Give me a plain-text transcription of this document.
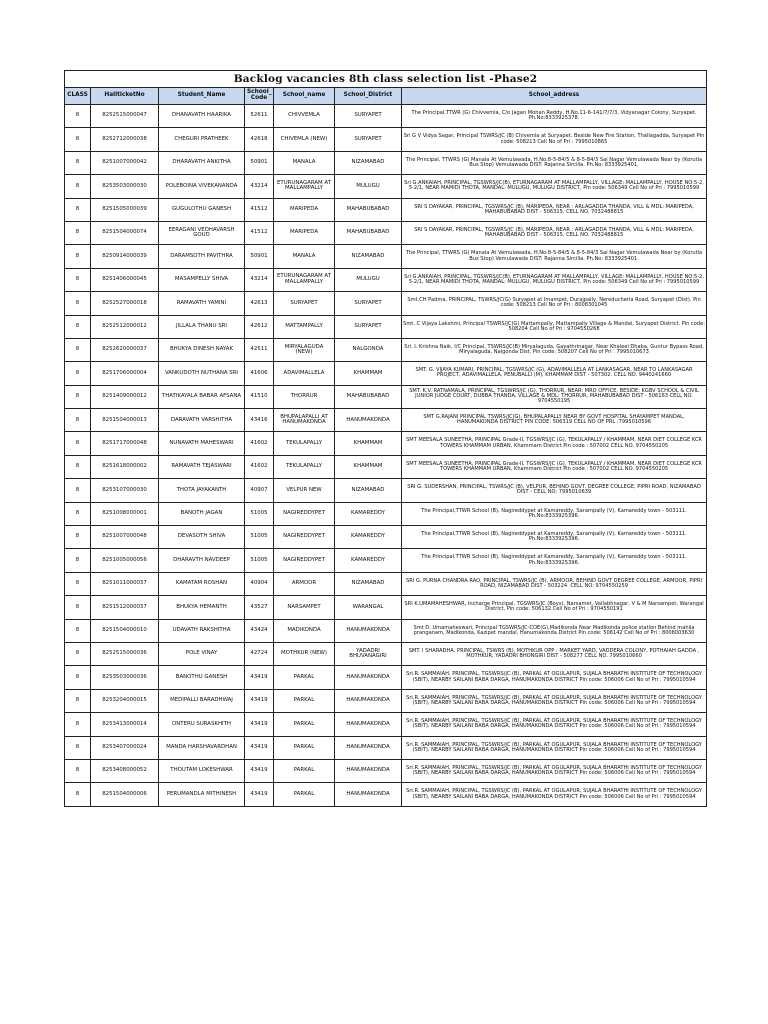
Backlog vacancies 8th class selection list -Phase2						
CLASS	HallticketNo	Student_Name	School_ Code	School_name	School_District	School_address
8	8252515000047	DHANAVATH HAARIKA	52611	CHIVVEMLA	SURYAPET	The Principal,TTWR (G) Chivvemla, C/o Jagan Mohan Reddy, H.No.11-6-141/7/7/3, Vidyanagar Colony, Suryapet. Ph.No:8333925378.
8	8252712000038	CHEGURI PRATHEEK	42618	CHIVEMLA (NEW)	SURYAPET	Sri G V Vidya Sagar, Principal TSWRS/JC (B) Chivemla at Suryapet, Beside New Fire Station, Thallagadda, Suryapet Pin code: 508213 Cell No of Pri : 7995010865
8	8251007000042	DHARAVATH ANKITHA	50901	MANALA	NIZAMABAD	The Principal, TTWRS (G) Manala At Vemulawada, H.No:8-5-84/5 & 8-5-84/3 Sai Nagar Vemulawada Near by (Korutla Bus Stop) Vemulawada DIST: Rajanna Sircilla. Ph.No: 8333925401.
8	8253503000030	POLEBOINA VIVEKANANDA	43214	ETURUNAGARAM AT MALLAMPALLY	MULUGU	Sri G.ANKAIAH, PRINCIPAL, TGSWRS/JC(B), ETURNAGARAM AT MALLAMPALLY, VILLAGE: MALLAMPALLY, HOUSE NO:5-2, 5-2/1, NEAR MAMIDI THOTA, MANDAL: MULUGU, MULUGU DISTRICT, Pin code: 506349 Cell No of Pri : 7995010599
8	8251505000039	GUGULOTHU GANESH	41512	MARIPEDA	MAHABUBABAD	SRI S DAYAKAR, PRINCIPAL, TGSWRS/JC (B), MARIPEDA, NEAR : ARLAGADDA THANDA, VILL & MDL: MARIPEDA, MAHABUBABAD DIST - 506315. CELL NO. 7032488815
8	8251504000074	EERAGANI VEDHAVARSH GOUD	41512	MARIPEDA	MAHABUBABAD	SRI S DAYAKAR, PRINCIPAL, TGSWRS/JC (B), MARIPEDA, NEAR : ARLAGADDA THANDA, VILL & MDL: MARIPEDA, MAHABUBABAD DIST - 506315. CELL NO. 7032488815
8	8250914000039	DARAMSOTH PAVITHRA	50901	MANALA	NIZAMABAD	The Principal, TTWRS (G) Manala At Vemulawada, H.No:8-5-84/5 & 8-5-84/3 Sai Nagar Vemulawada Near by (Korutla Bus Stop) Vemulawada DIST: Rajanna Sircilla. Ph.No: 8333925401.
8	8251406000045	MASAMPELLY SHIVA	43214	ETURUNAGARAM AT MALLAMPALLY	MULUGU	Sri G.ANKAIAH, PRINCIPAL, TGSWRS/JC(B), ETURNAGARAM AT MALLAMPALLY, VILLAGE: MALLAMPALLY, HOUSE NO:5-2, 5-2/1, NEAR MAMIDI THOTA, MANDAL: MULUGU, MULUGU DISTRICT, Pin code: 506349 Cell No of Pri : 7995010599
8	8252527000018	RAMAVATH YAMINI	42613	SURYAPET	SURYAPET	Smt.CH Padma, PRINCIPAL, TSWRS/JC(G) Suryapet at Imampet, Durajpally, Nereducherla Road, Suryapet (Dist). Pin code: 508213 Cell No of Pri : 8008301045
8	8252512000012	JILLALA THANU SRI	42612	MATTAMPALLY	SURYAPET	Smt. C Vijaya Lakshmi, Principal TSWRS/JC(G) Mattampally, Mattampally Village & Mandal, Suryapet District. Pin code: 508204 Cell No of Pri : 9704550268
8	8252620000037	BHUKYA DINESH NAYAK	42511	MIRYALAGUDA (NEW)	NALGONDA	Sri. I. Krishna Naik, I/C Principal, TSWRS/JC(B) Miryalaguda, Gayathrinagar, Near Khaleel Dhaba, Guntur Bypass Road, Miryalaguda, Nalgonda Dist. Pin code: 508207 Cell No of Pri : 7995010673
8	8251706000004	VANKUDOTH NUTHANA SRI	41606	ADAVIMALLELA	KHAMMAM	SMT. G. VIJAYA KUMARI, PRINCIPAL, TGSWRS/JC (G), ADAVIMALLELA AT LANKASAGAR, NEAR TO LANKASAGAR PROJECT, ADAVIMALLELA, PENUBALLI (M), KHAMMAM DIST - 507302. CELL NO. 9440241660
8	8251409000012	THATIKAYALA BABAR AFSANA	41510	THORRUR	MAHABUBABAD	SMT. K.V. RATNAMALA, PRINCIPAL, TGSWRS/JC (G), THORRUR, NEAR: MRO OFFICE, BESIDE: KGBV SCHOOL & CIVIL JUNIOR JUDGE COURT, DUBBA THANDA, VILLAGE & MDL: THORRUR, MAHABUBABAD DIST - 506163 CELL NO. 9704550195
8	8251504000013	DARAVATH VARSHITHA	43416	BHUPALAPALLI AT HANUMAKONDA	HANUMAKONDA	SMT G.RAJANI PRINCIPAL TSWRS/JC(G), BHUPALAPALLY NEAR BY GOVT HOSPITAL SHAYAMPET MANDAL, HANUMAKONDA DISTRICT PIN CODE: 506319 CELL NO OF PRL :7995010596
8	8251717000048	NUNAVATH MAHESWARI	41602	TEKULAPALLY	KHAMMAM	SMT MEESALA SUNEETHA, PRINCIPAL Grade-II, TGSWRS/JC (G), TEKULAPALLY / KHAMMAM, NEAR DIET COLLEGE KCR TOWERS KHAMMAM URBAN, Khammam District Pin code : 507002 CELL NO. 9704550205
8	8251618000002	RAMAVATH TEJASWARI	41602	TEKULAPALLY	KHAMMAM	SMT MEESALA SUNEETHA, PRINCIPAL Grade-II, TGSWRS/JC (G), TEKULAPALLY / KHAMMAM, NEAR DIET COLLEGE KCR TOWERS KHAMMAM URBAN, Khammam District Pin code : 507002 CELL NO. 9704550205
8	8253107000030	THOTA JAYAKANTH	40907	VELPUR NEW	NIZAMABAD	SRI G. SUDERSHAN, PRINCIPAL, TSWRS/JC (B), VELPUR, BEHIND GOVT. DEGREE COLLEGE, PIPRI ROAD, NIZAMABAD DIST - CELL NO: 7995010639
8	8251008000001	BANOTH JAGAN	51005	NAGIREDDYPET	KAMAREDDY	The Principal,TTWR School (B), Nagireddypet at Kamareddy, Sarampally (V), Kamareddy town - 503111. Ph.No:8333925396.
8	8251007000048	DEVASOTH SHIVA	51005	NAGIREDDYPET	KAMAREDDY	The Principal,TTWR School (B), Nagireddypet at Kamareddy, Sarampally (V), Kamareddy town - 503111. Ph.No:8333925396.
8	8251005000056	DHARAVTH NAVDEEP	51005	NAGIREDDYPET	KAMAREDDY	The Principal,TTWR School (B), Nagireddypet at Kamareddy, Sarampally (V), Kamareddy town - 503111. Ph.No:8333925396.
8	8251011000037	KAMATAM ROSHAN	40904	ARMOOR	NIZAMABAD	SRI G. PURNA CHANDRA RAO, PRINCIPAL, TSWRS/JC (B), ARMOOR, BEHIND GOVT DEGREE COLLEGE, ARMOOR, PIPRI ROAD, NIZAMABAD DIST - 503224. CELL NO: 9704550259
8	8251512000037	BHUKYA HEMANTH	43527	NARSAMPET	WARANGAL	SRI K.UMAMAHESHWAR, Incharge Principal, TGSWRS/JC (Boys), Narsamet, Vallabhnagar, V & M Narsampet, Warangal District, Pin code: 506132 Cell No of Pri : 9704550191
8	8251504000010	UDAVATH RAKSHITHA	43424	MADIKONDA	HANUMAKONDA	Smt D. Umamaheswari, Principal TGSWRS/JC-COE(G),Madikonda Near Madikonda police station Behind mahila pranganam, Madikonda, Kazipet mandal, Hanumakonda District Pin code: 506142 Cell No of Pri : 8008003630
8	8252515000036	POLE VINAY	42724	MOTHKUR (NEW)	YADADRI BHUVANAGIRI	SMT. I SHARADHA, PRINCIPAL, TSWRS (B), MOTHKUR OPP : MARKET YARD, VADDERA COLONY, POTHAIAH GADDA , MOTHKUR, YADADRI BHONGIRI DIST - 508277 CELL NO. 7995010660
8	8253503000036	BANOTHU GANESH	43419	PARKAL	HANUMAKONDA	Sri.R. SAMMAIAH, PRINCIPAL, TGSWRS/JC (B), PARKAL AT OGULAPUR, SUJALA BHARATHI INSTITUTE OF TECHNOLOGY (SBIT), NEARBY SAILANI BABA DARGA, HANUMAKONDA DISTRICT Pin code: 506006 Cell No of Pri : 7995010594
8	8253204000015	MEDIPALLI BARADHWAJ	43419	PARKAL	HANUMAKONDA	Sri.R. SAMMAIAH, PRINCIPAL, TGSWRS/JC (B), PARKAL AT OGULAPUR, SUJALA BHARATHI INSTITUTE OF TECHNOLOGY (SBIT), NEARBY SAILANI BABA DARGA, HANUMAKONDA DISTRICT Pin code: 506006 Cell No of Pri : 7995010594
8	8253413000014	ONTERU SURASKHITH	43419	PARKAL	HANUMAKONDA	Sri.R. SAMMAIAH, PRINCIPAL, TGSWRS/JC (B), PARKAL AT OGULAPUR, SUJALA BHARATHI INSTITUTE OF TECHNOLOGY (SBIT), NEARBY SAILANI BABA DARGA, HANUMAKONDA DISTRICT Pin code: 506006 Cell No of Pri : 7995010594
8	8253407000024	MANDA HARSHAVARDHAN	43419	PARKAL	HANUMAKONDA	Sri.R. SAMMAIAH, PRINCIPAL, TGSWRS/JC (B), PARKAL AT OGULAPUR, SUJALA BHARATHI INSTITUTE OF TECHNOLOGY (SBIT), NEARBY SAILANI BABA DARGA, HANUMAKONDA DISTRICT Pin code: 506006 Cell No of Pri : 7995010594
8	8253408000052	THOUTAM LOKESHWAR	43419	PARKAL	HANUMAKONDA	Sri.R. SAMMAIAH, PRINCIPAL, TGSWRS/JC (B), PARKAL AT OGULAPUR, SUJALA BHARATHI INSTITUTE OF TECHNOLOGY (SBIT), NEARBY SAILANI BABA DARGA, HANUMAKONDA DISTRICT Pin code: 506006 Cell No of Pri : 7995010594
8	8251504000006	PERUMANDLA MITHINESH	43419	PARKAL	HANUMAKONDA	Sri.R. SAMMAIAH, PRINCIPAL, TGSWRS/JC (B), PARKAL AT OGULAPUR, SUJALA BHARATHI INSTITUTE OF TECHNOLOGY (SBIT), NEARBY SAILANI BABA DARGA, HANUMAKONDA DISTRICT Pin code: 506006 Cell No of Pri : 7995010594
